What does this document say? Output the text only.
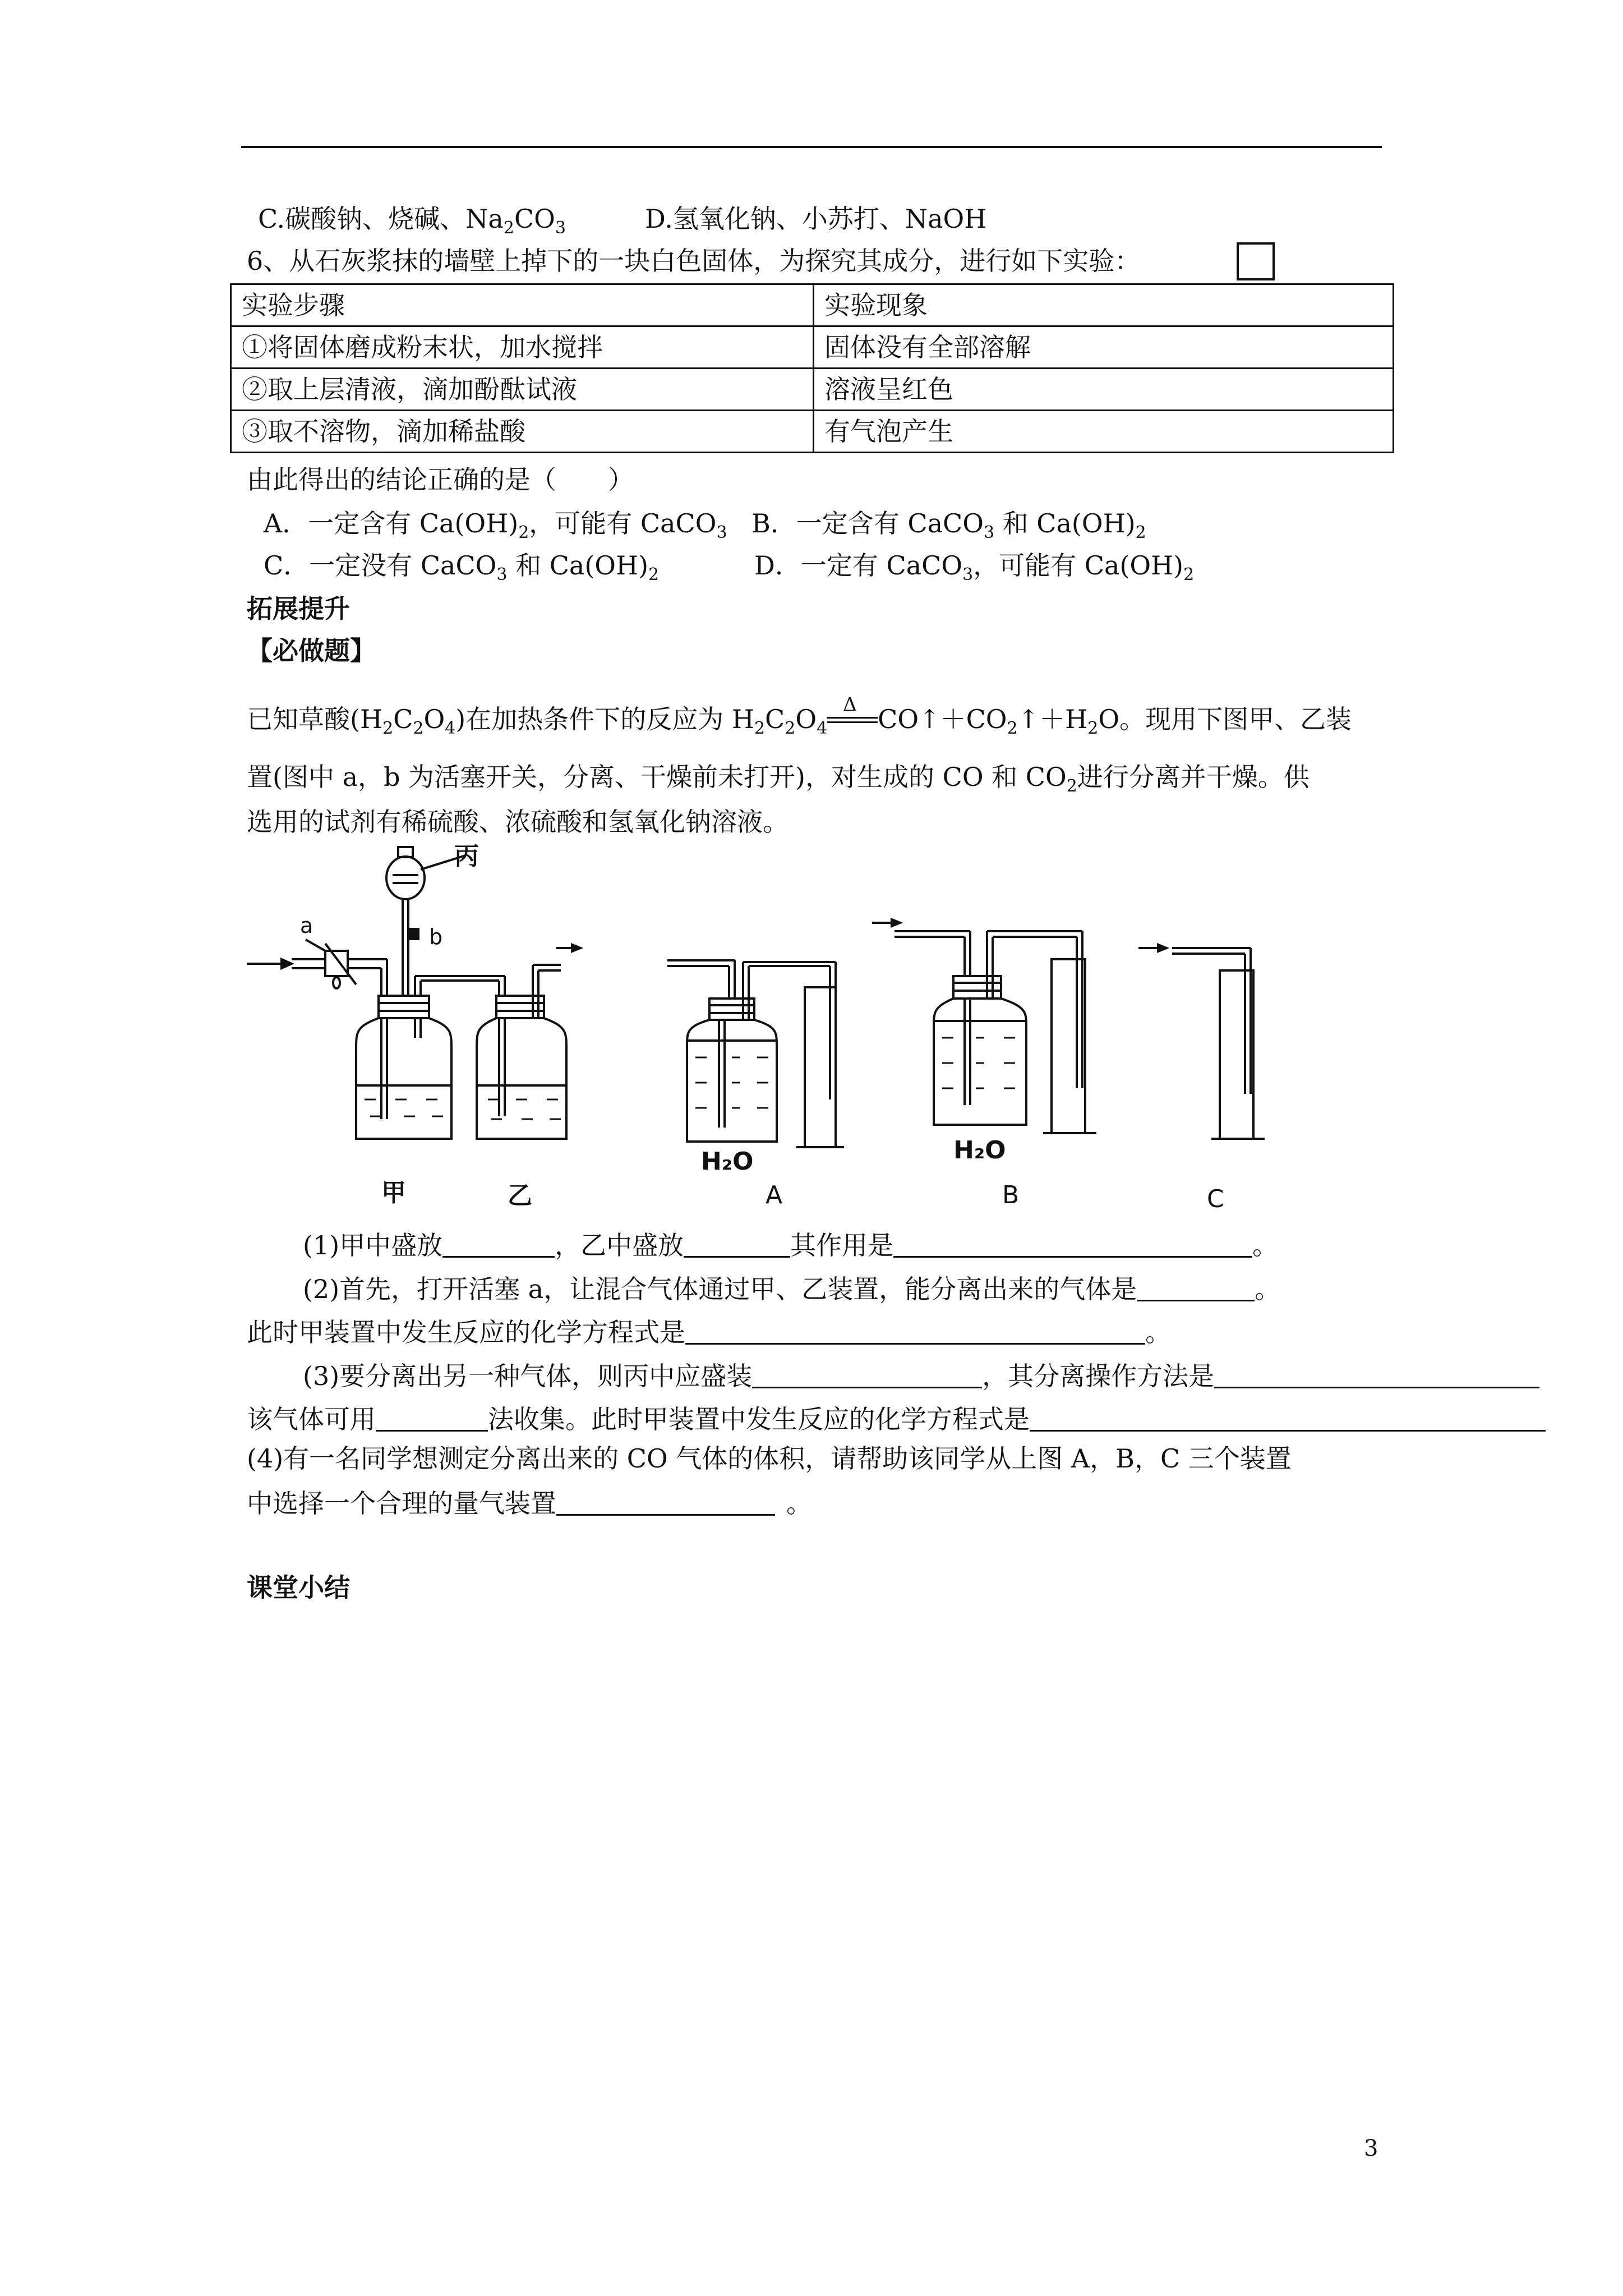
C.碳酸钠、烧碱、$Na_2CO_3$	D.氢氧化钠、小苏打、NaOH
6、从石灰浆抹的墙壁上掉下的一块白色固体，为探究其成分，进行如下实验：
实验步骤	实验现象
①将固体磨成粉末状，加水搅拌	固体没有全部溶解
②取上层清液，滴加酚酞试液	溶液呈红色
③取不溶物，滴加稀盐酸	有气泡产生
由此得出的结论正确的是（　　）
A．一定含有 $Ca(OH)_2$，可能有 CaCO$_3$ B．一定含有 CaCO$_3$ 和 $Ca(OH)_2$
C．一定没有 CaCO$_3$ 和 $Ca(OH)_2$	D．一定有 CaCO$_3$，可能有 $Ca(OH)_2$
拓展提升
【必做题】
已知草酸$(H_2C_2O_4)$在加热条件下的反应为 $H_2C_2O_4$
Δ $CO↑+CO_2↑+H_2O$。现用下图甲、乙装
置(图中 a，b 为活塞开关，分离、干燥前未打开)，对生成的 CO 和 $CO_2$进行分离并干燥。供
选用的试剂有稀硫酸、浓硫酸和氢氧化钠溶液。
丙
a	b
甲	乙
H₂O	H₂O
A	B	C
(1)甲中盛放	，乙中盛放	其作用是	。
(2)首先，打开活塞 a，让混合气体通过甲、乙装置，能分离出来的气体是	。
此时甲装置中发生反应的化学方程式是	。
(3)要分离出另一种气体，则丙中应盛装	，其分离操作方法是
该气体可用	法收集。此时甲装置中发生反应的化学方程式是
(4)有一名同学想测定分离出来的 CO 气体的体积，请帮助该同学从上图 A，B，C 三个装置
中选择一个合理的量气装置	。
课堂小结
3
